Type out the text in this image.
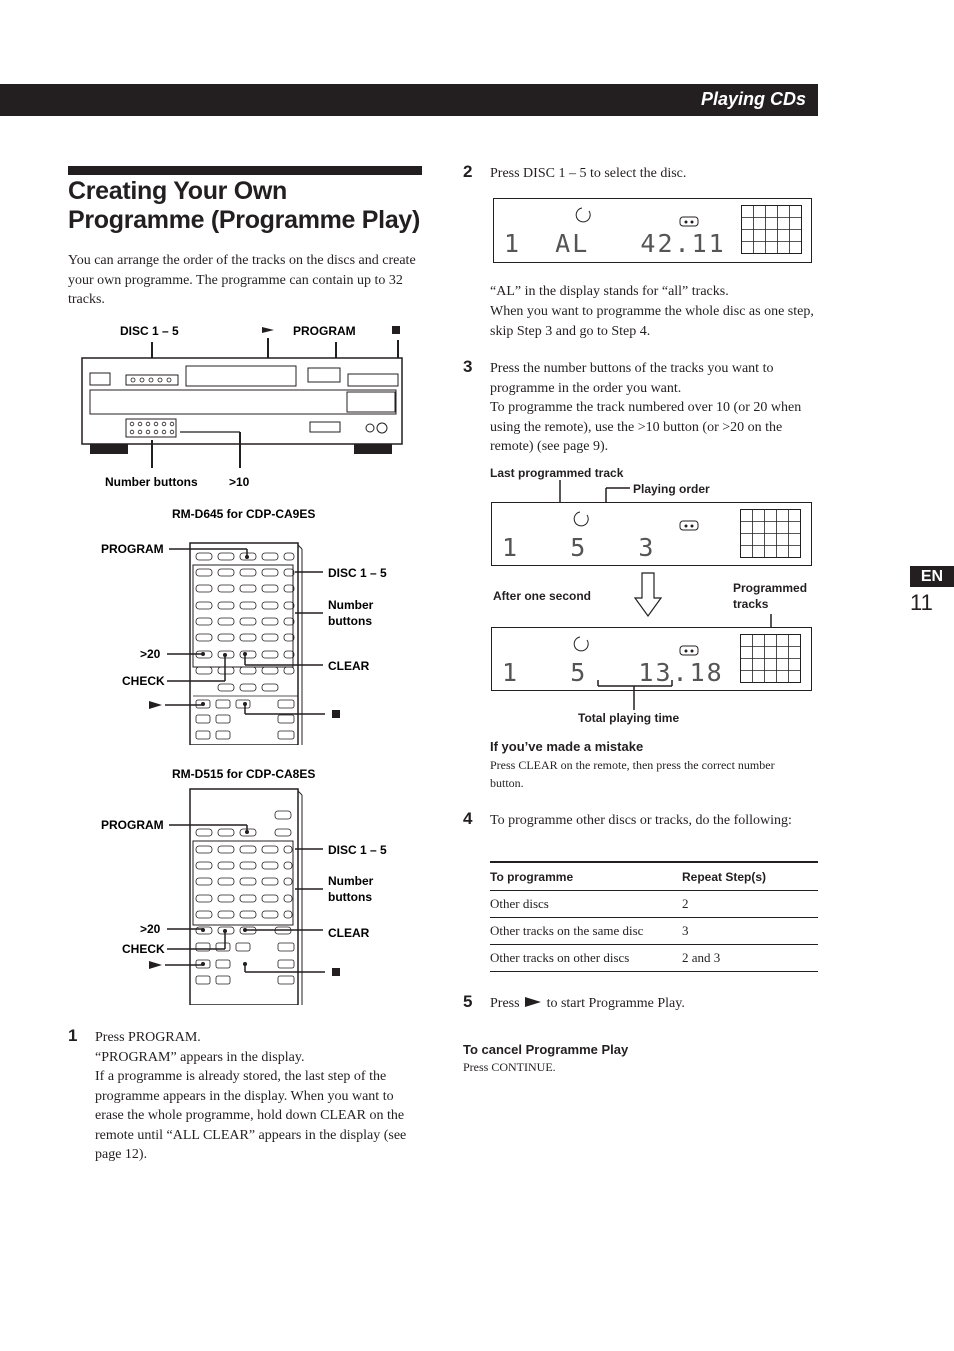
Playing CDs
Creating Your Own Programme (Programme Play)
You can arrange the order of the tracks on the discs and create your own programme. The programme can contain up to 32 tracks.
DISC 1 – 5	PROGRAM
Number buttons	>10
RM-D645 for CDP-CA9ES
PROGRAM
>20
CHECK
DISC 1 – 5
Number
buttons
CLEAR
RM-D515 for CDP-CA8ES
PROGRAM
>20
CHECK
DISC 1 – 5
Number
buttons
CLEAR
1 Press PROGRAM.
“PROGRAM” appears in the display.
If a programme is already stored, the last step of the programme appears in the display. When you want to erase the whole programme, hold down CLEAR on the remote until “ALL CLEAR” appears in the display (see page 12).
2 Press DISC 1 – 5 to select the disc.
1  AL   42.11
“AL” in the display stands for “all” tracks.
When you want to programme the whole disc as one step, skip Step 3 and go to Step 4.
3 Press the number buttons of the tracks you want to programme in the order you want.
To programme the track numbered over 10 (or 20 when using the remote), use the >10 button (or >20 on the remote) (see page 9).
Last programmed track
Playing order
1   5   3
After one second
Programmed
tracks
1   5   13.18
Total playing time
If you’ve made a mistake
Press CLEAR on the remote, then press the correct number button.
4 To programme other discs or tracks, do the following:
To programme	Repeat Step(s)
Other discs	2
Other tracks on the same disc	3
Other tracks on other discs	2 and 3
5 Press to start Programme Play.
To cancel Programme Play
Press CONTINUE.
EN
11
